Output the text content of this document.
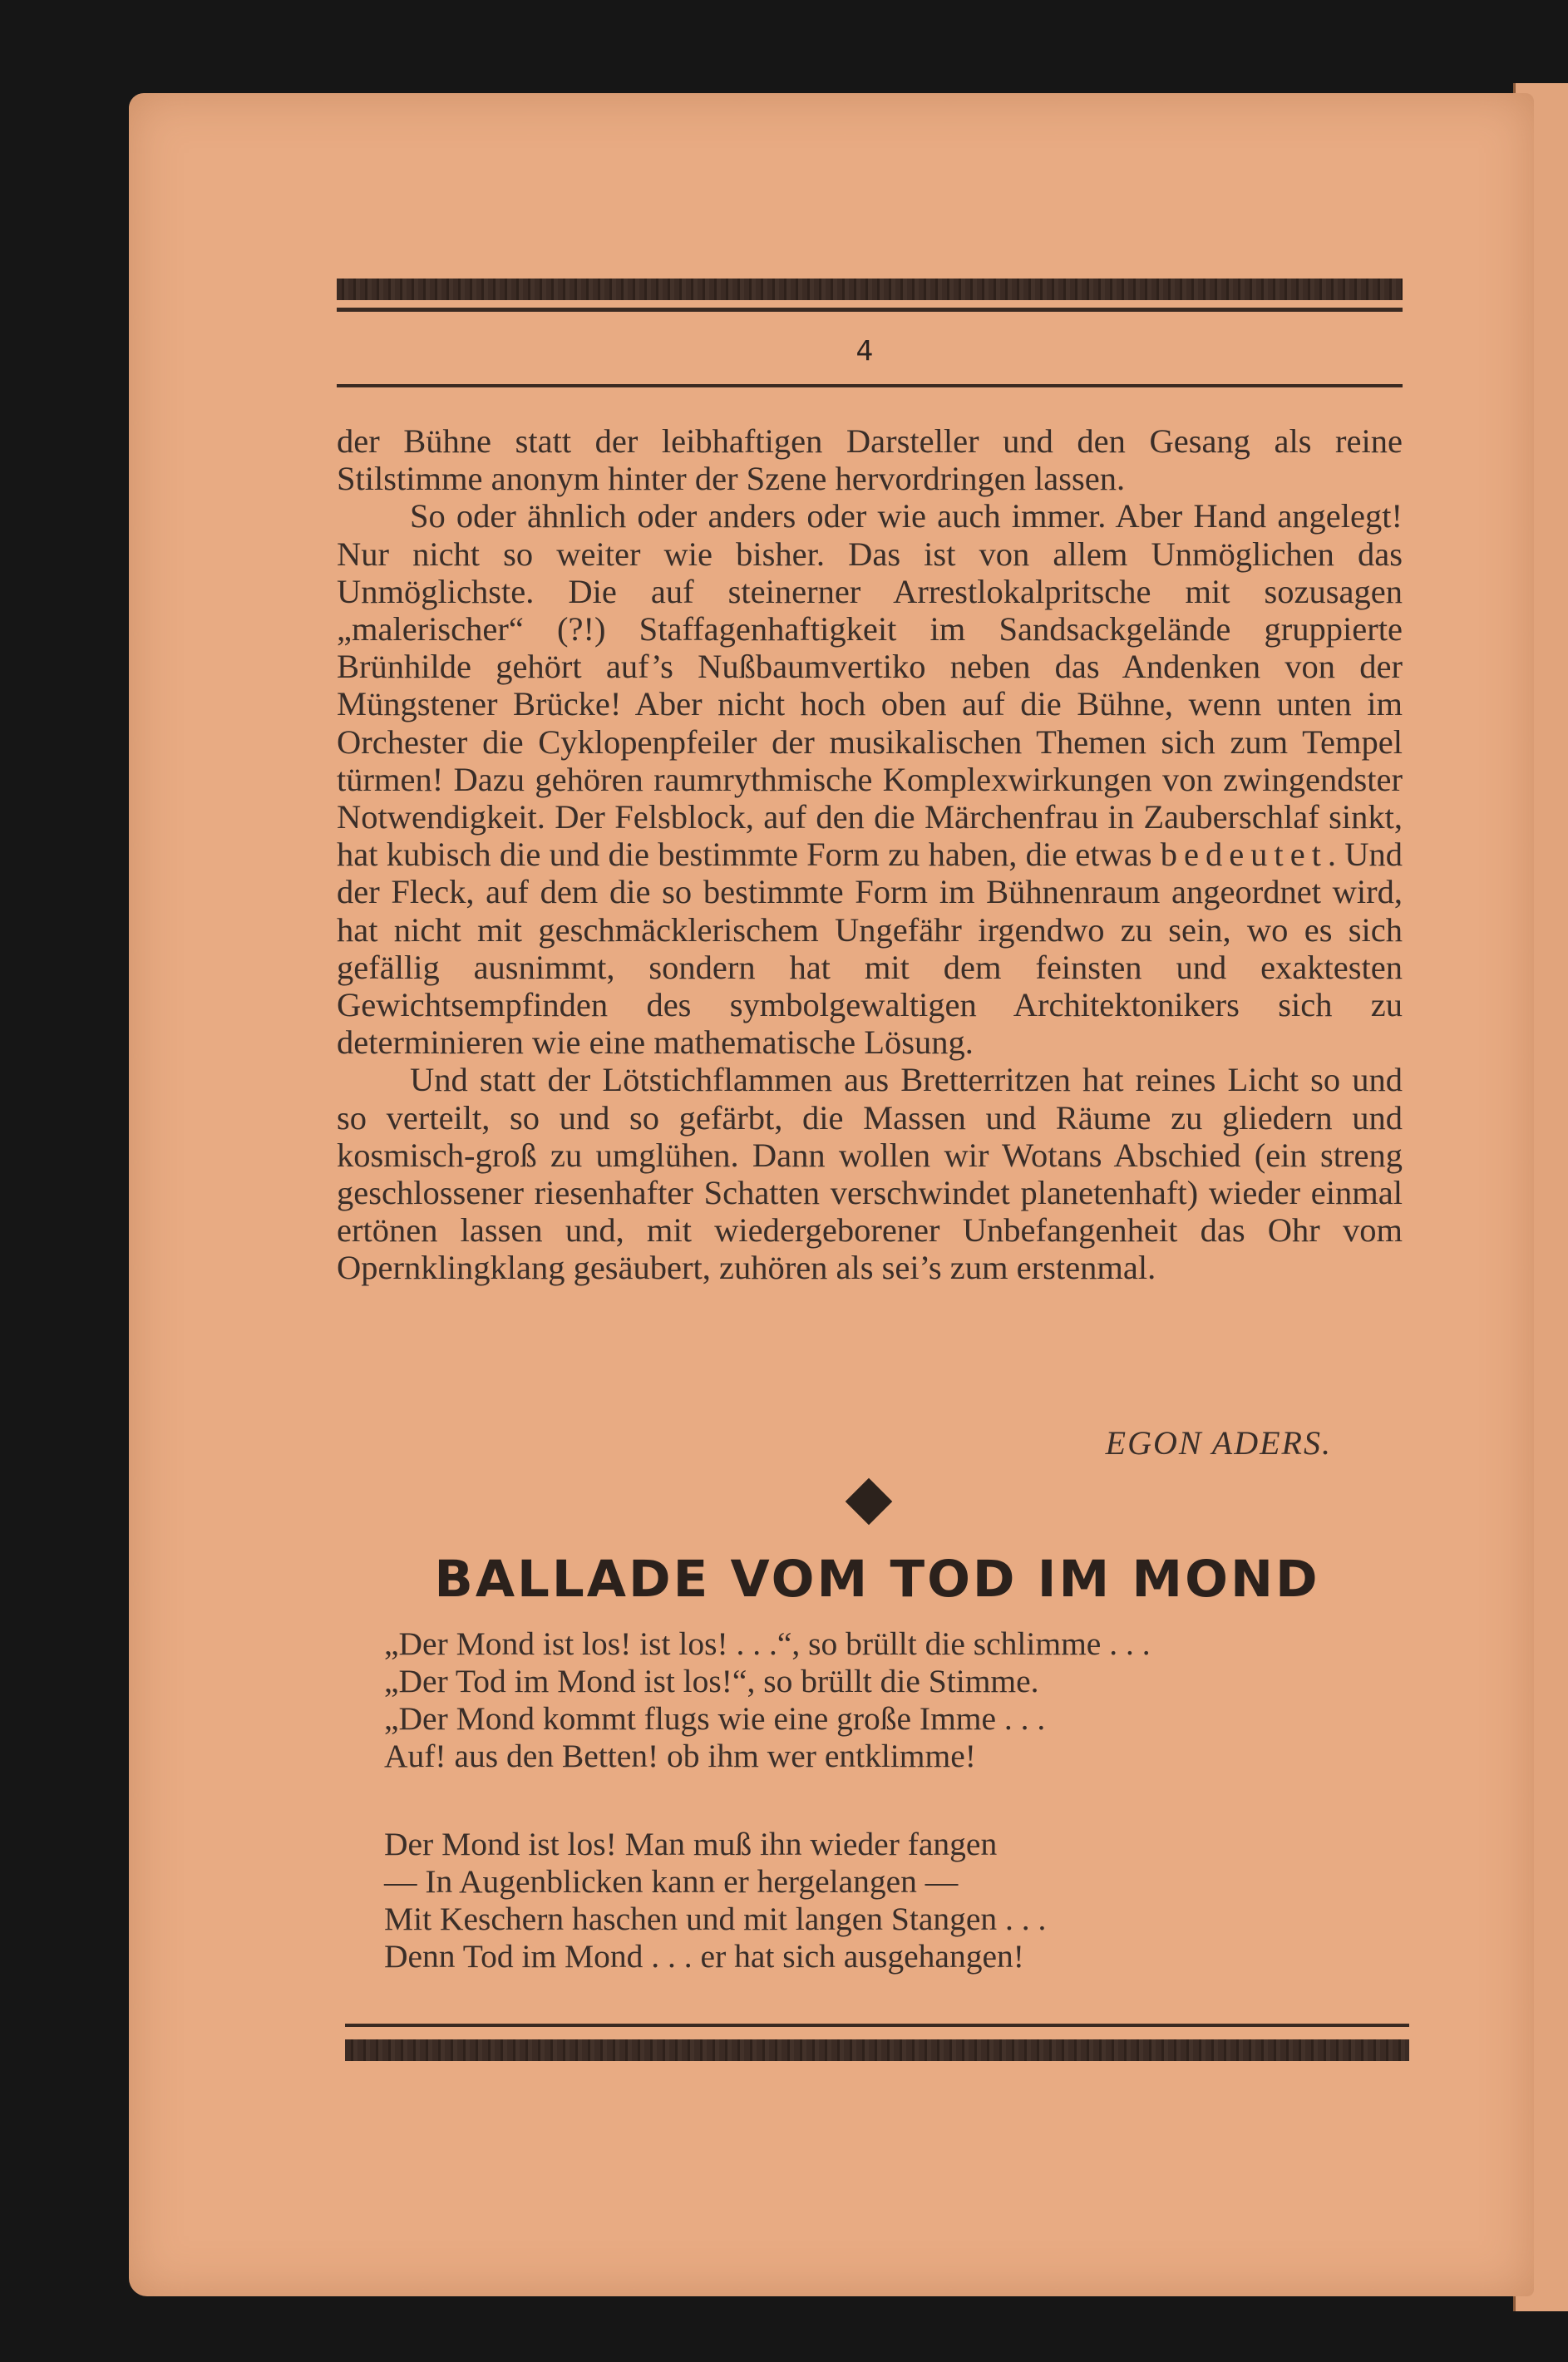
4

der Bühne statt der leibhaftigen Darsteller und den Gesang als reine Stilstimme anonym hinter der Szene hervordringen lassen.

So oder ähnlich oder anders oder wie auch immer. Aber Hand angelegt! Nur nicht so weiter wie bisher. Das ist von allem Unmöglichen das Unmöglichste. Die auf steinerner Arrestlokalpritsche mit sozusagen „malerischer“ (?!) Staffagenhaftigkeit im Sandsackgelände gruppierte Brünhilde gehört auf’s Nußbaumvertiko neben das Andenken von der Müngstener Brücke! Aber nicht hoch oben auf die Bühne, wenn unten im Orchester die Cyklopenpfeiler der musikalischen Themen sich zum Tempel türmen! Dazu gehören raumrythmische Komplexwirkungen von zwingendster Notwendigkeit. Der Felsblock, auf den die Märchenfrau in Zauberschlaf sinkt, hat kubisch die und die bestimmte Form zu haben, die etwas bedeutet. Und der Fleck, auf dem die so bestimmte Form im Bühnenraum angeordnet wird, hat nicht mit geschmäcklerischem Ungefähr irgendwo zu sein, wo es sich gefällig ausnimmt, sondern hat mit dem feinsten und exaktesten Gewichtsempfinden des symbolgewaltigen Architektonikers sich zu determinieren wie eine mathematische Lösung.

Und statt der Lötstichflammen aus Bretterritzen hat reines Licht so und so verteilt, so und so gefärbt, die Massen und Räume zu gliedern und kosmisch-groß zu umglühen. Dann wollen wir Wotans Abschied (ein streng geschlossener riesenhafter Schatten verschwindet planetenhaft) wieder einmal ertönen lassen und, mit wiedergeborener Unbefangenheit das Ohr vom Opernklingklang gesäubert, zuhören als sei’s zum erstenmal.

EGON ADERS.
BALLADE VOM TOD IM MOND
„Der Mond ist los! ist los! . . .“, so brüllt die schlimme . . .
„Der Tod im Mond ist los!“, so brüllt die Stimme.
„Der Mond kommt flugs wie eine große Imme . . .
Auf! aus den Betten! ob ihm wer entklimme!
Der Mond ist los! Man muß ihn wieder fangen
— In Augenblicken kann er hergelangen —
Mit Keschern haschen und mit langen Stangen . . .
Denn Tod im Mond . . . er hat sich ausgehangen!
